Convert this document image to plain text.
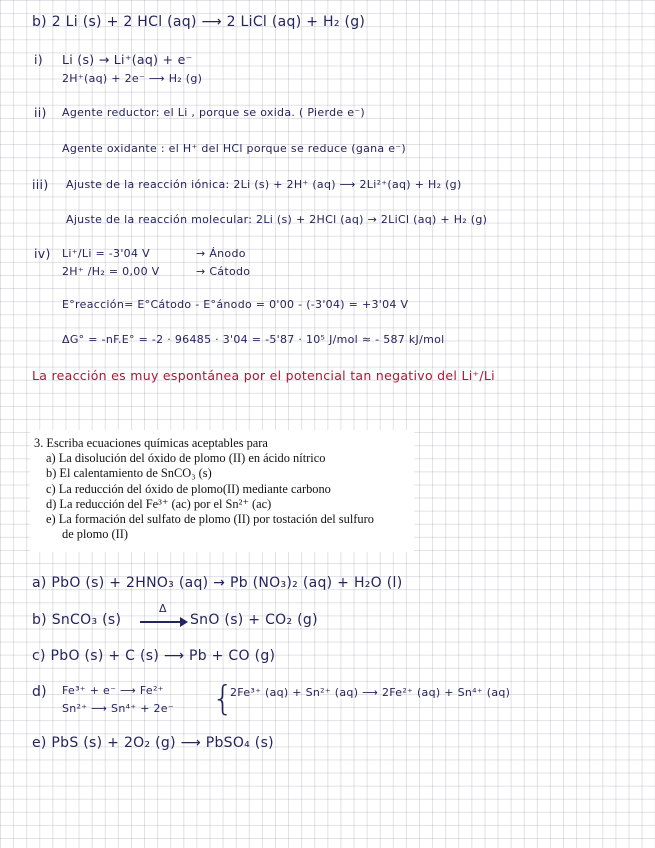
b) 2 Li (s) + 2 HCl (aq) ⟶ 2 LiCl (aq) + H₂ (g)
i) Li (s) → Li⁺(aq) + e⁻
2H⁺(aq) + 2e⁻ ⟶ H₂ (g)
ii) Agente reductor: el Li , porque se oxida. ( Pierde e⁻)
Agente oxidante : el H⁺ del HCl porque se reduce (gana e⁻)
iii) Ajuste de la reacción iónica: 2Li (s) + 2H⁺ (aq) ⟶ 2Li²⁺(aq) + H₂ (g)
Ajuste de la reacción molecular: 2Li (s) + 2HCl (aq) → 2LiCl (aq) + H₂ (g)
iv) Li⁺/Li = -3'04 V	→ Ánodo
2H⁺ /H₂ = 0,00 V	→ Cátodo
E°reacción= E°Cátodo - E°ánodo = 0'00 - (-3'04) = +3'04 V
ΔG° = -nF.E° = -2 · 96485 · 3'04 = -5'87 · 10⁵ J/mol ≈ - 587 kJ/mol
La reacción es muy espontánea por el potencial tan negativo del Li⁺/Li
3. Escriba ecuaciones químicas aceptables para
a) La disolución del óxido de plomo (II) en ácido nítrico
b) El calentamiento de SnCO₃ (s)
c) La reducción del óxido de plomo(II) mediante carbono
d) La reducción del Fe³⁺ (ac) por el Sn²⁺ (ac)
e) La formación del sulfato de plomo (II) por tostación del sulfuro
de plomo (II)
a) PbO (s) + 2HNO₃ (aq) → Pb (NO₃)₂ (aq) + H₂O (l)
b) SnCO₃ (s)
Δ
SnO (s) + CO₂ (g)
c) PbO (s) + C (s) ⟶ Pb + CO (g)
d) Fe³⁺ + e⁻ ⟶ Fe²⁺
Sn²⁺ ⟶ Sn⁴⁺ + 2e⁻ {
2Fe³⁺ (aq) + Sn²⁺ (aq) ⟶ 2Fe²⁺ (aq) + Sn⁴⁺ (aq)
e) PbS (s) + 2O₂ (g) ⟶ PbSO₄ (s)
